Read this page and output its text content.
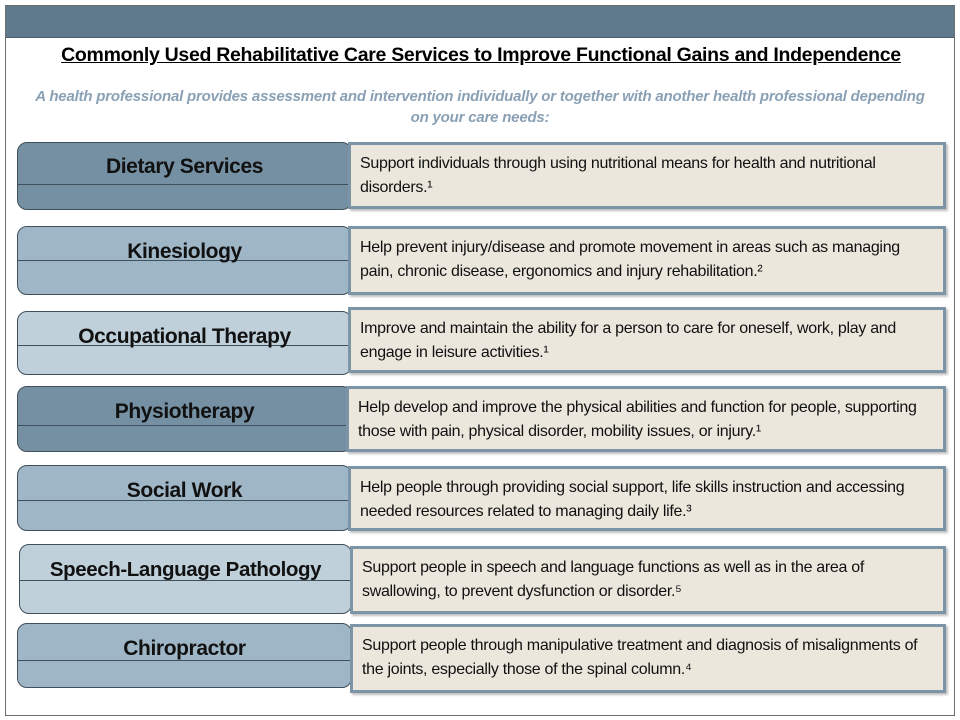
Commonly Used Rehabilitative Care Services to Improve Functional Gains and Independence
A health professional provides assessment and intervention individually or together with another health professional depending on your care needs:
Dietary Services	Support individuals through using nutritional means for health and nutritional disorders.¹
Kinesiology	Help prevent injury/disease and promote movement in areas such as managing pain, chronic disease, ergonomics and injury rehabilitation.²
Occupational Therapy	Improve and maintain the ability for a person to care for oneself, work, play and engage in leisure activities.¹
Physiotherapy	Help develop and improve the physical abilities and function for people, supporting those with pain, physical disorder, mobility issues, or injury.¹
Social Work	Help people through providing social support, life skills instruction and accessing needed resources related to managing daily life.³
Speech-Language Pathology	Support people in speech and language functions as well as in the area of swallowing, to prevent dysfunction or disorder.⁵
Chiropractor	Support people through manipulative treatment and diagnosis of misalignments of the joints, especially those of the spinal column.⁴
